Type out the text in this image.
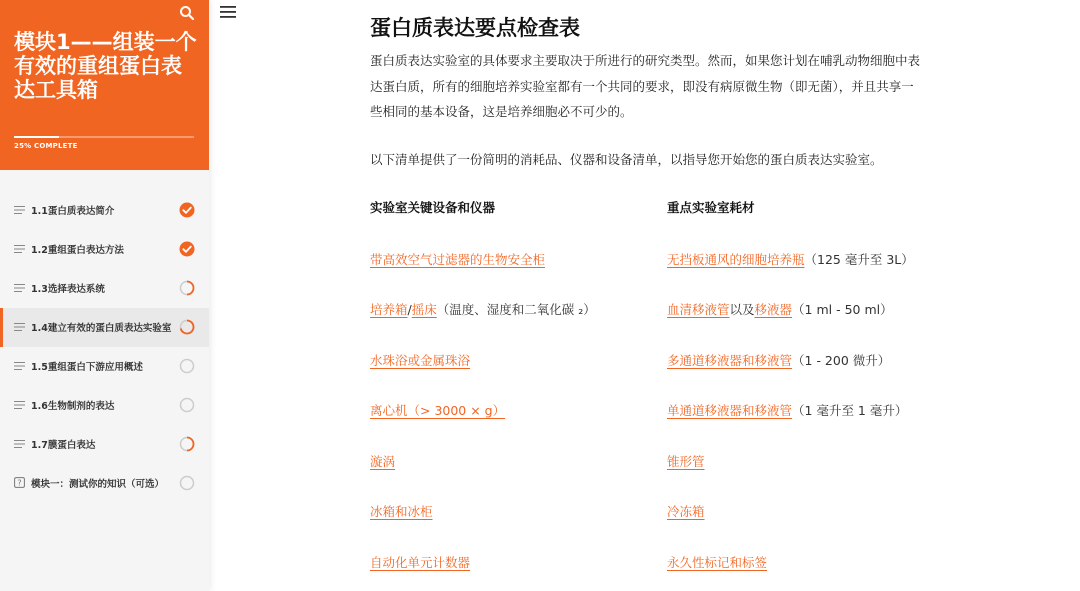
模块1——组装一个有效的重组蛋白表达工具箱
25% COMPLETE
1.1蛋白质表达简介
1.2重组蛋白表达方法
1.3选择表达系统
1.4建立有效的蛋白质表达实验室
1.5重组蛋白下游应用概述
1.6生物制剂的表达
1.7膜蛋白表达
? 模块一：测试你的知识（可选）
蛋白质表达要点检查表
蛋白质表达实验室的具体要求主要取决于所进行的研究类型。然而，如果您计划在哺乳动物细胞中表
达蛋白质，所有的细胞培养实验室都有一个共同的要求，即没有病原微生物（即无菌），并且共享一
些相同的基本设备，这是培养细胞必不可少的。
以下清单提供了一份简明的消耗品、仪器和设备清单，以指导您开始您的蛋白质表达实验室。
实验室关键设备和仪器	重点实验室耗材
带高效空气过滤器的生物安全柜
培养箱/摇床（温度、湿度和二氧化碳 ₂）
水珠浴或金属珠浴
离心机（> 3000 × g）
漩涡
冰箱和冰柜
自动化单元计数器
无挡板通风的细胞培养瓶（125 毫升至 3L）
血清移液管以及移液器（1 ml - 50 ml）
多通道移液器和移液管（1 - 200 微升）
单通道移液器和移液管（1 毫升至 1 毫升）
锥形管
冷冻箱
永久性标记和标签
